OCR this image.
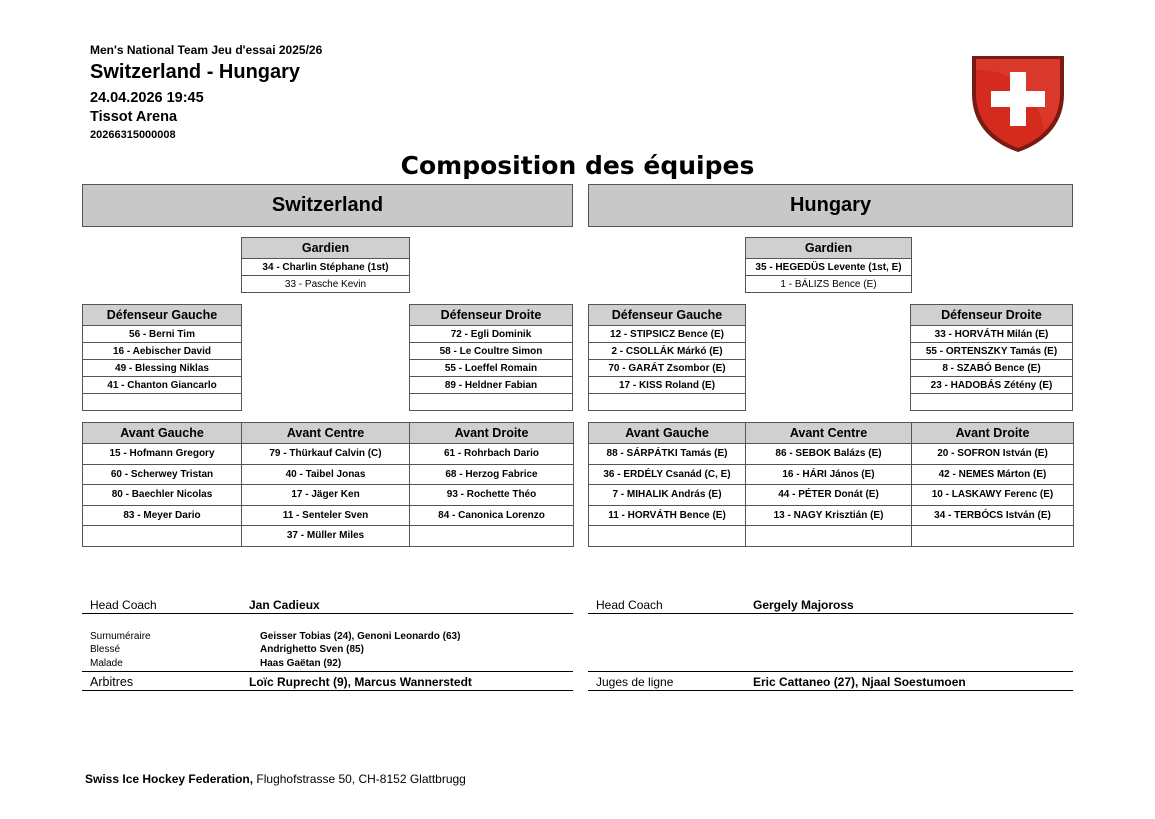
Men's National Team Jeu d'essai 2025/26
Switzerland - Hungary
24.04.2026 19:45
Tissot Arena
20266315000008
Composition des équipes
Switzerland	Hungary
Gardien
34 - Charlin Stéphane (1st)
33 - Pasche Kevin
Défenseur Gauche
56 - Berni Tim
16 - Aebischer David
49 - Blessing Niklas
41 - Chanton Giancarlo

Défenseur Droite
72 - Egli Dominik
58 - Le Coultre Simon
55 - Loeffel Romain
89 - Heldner Fabian

Avant Gauche	Avant Centre	Avant Droite
15 - Hofmann Gregory	79 - Thürkauf Calvin (C)	61 - Rohrbach Dario
60 - Scherwey Tristan	40 - Taibel Jonas	68 - Herzog Fabrice
80 - Baechler Nicolas	17 - Jäger Ken	93 - Rochette Théo
83 - Meyer Dario	11 - Senteler Sven	84 - Canonica Lorenzo
	37 - Müller Miles	
Gardien
35 - HEGEDÜS Levente (1st, E)
1 - BÁLIZS Bence (E)
Défenseur Gauche
12 - STIPSICZ Bence (E)
2 - CSOLLÁK Márkó (E)
70 - GARÁT Zsombor (E)
17 - KISS Roland (E)

Défenseur Droite
33 - HORVÁTH Milán (E)
55 - ORTENSZKY Tamás (E)
8 - SZABÓ Bence (E)
23 - HADOBÁS Zétény (E)

Avant Gauche	Avant Centre	Avant Droite
88 - SÁRPÁTKI Tamás (E)	86 - SEBOK Balázs (E)	20 - SOFRON István (E)
36 - ERDÉLY Csanád (C, E)	16 - HÁRI János (E)	42 - NEMES Márton (E)
7 - MIHALIK András (E)	44 - PÉTER Donát (E)	10 - LASKAWY Ferenc (E)
11 - HORVÁTH Bence (E)	13 - NAGY Krisztián (E)	34 - TERBÓCS István (E)

Head Coach	Jan Cadieux	Head Coach	Gergely Majoross
Surnuméraire	Geisser Tobias (24), Genoni Leonardo (63)
Blessé	Andrighetto Sven (85)
Malade	Haas Gaëtan (92)
Arbitres	Loïc Ruprecht (9), Marcus Wannerstedt	Juges de ligne	Eric Cattaneo (27), Njaal Soestumoen
Swiss Ice Hockey Federation, Flughofstrasse 50, CH-8152 Glattbrugg
